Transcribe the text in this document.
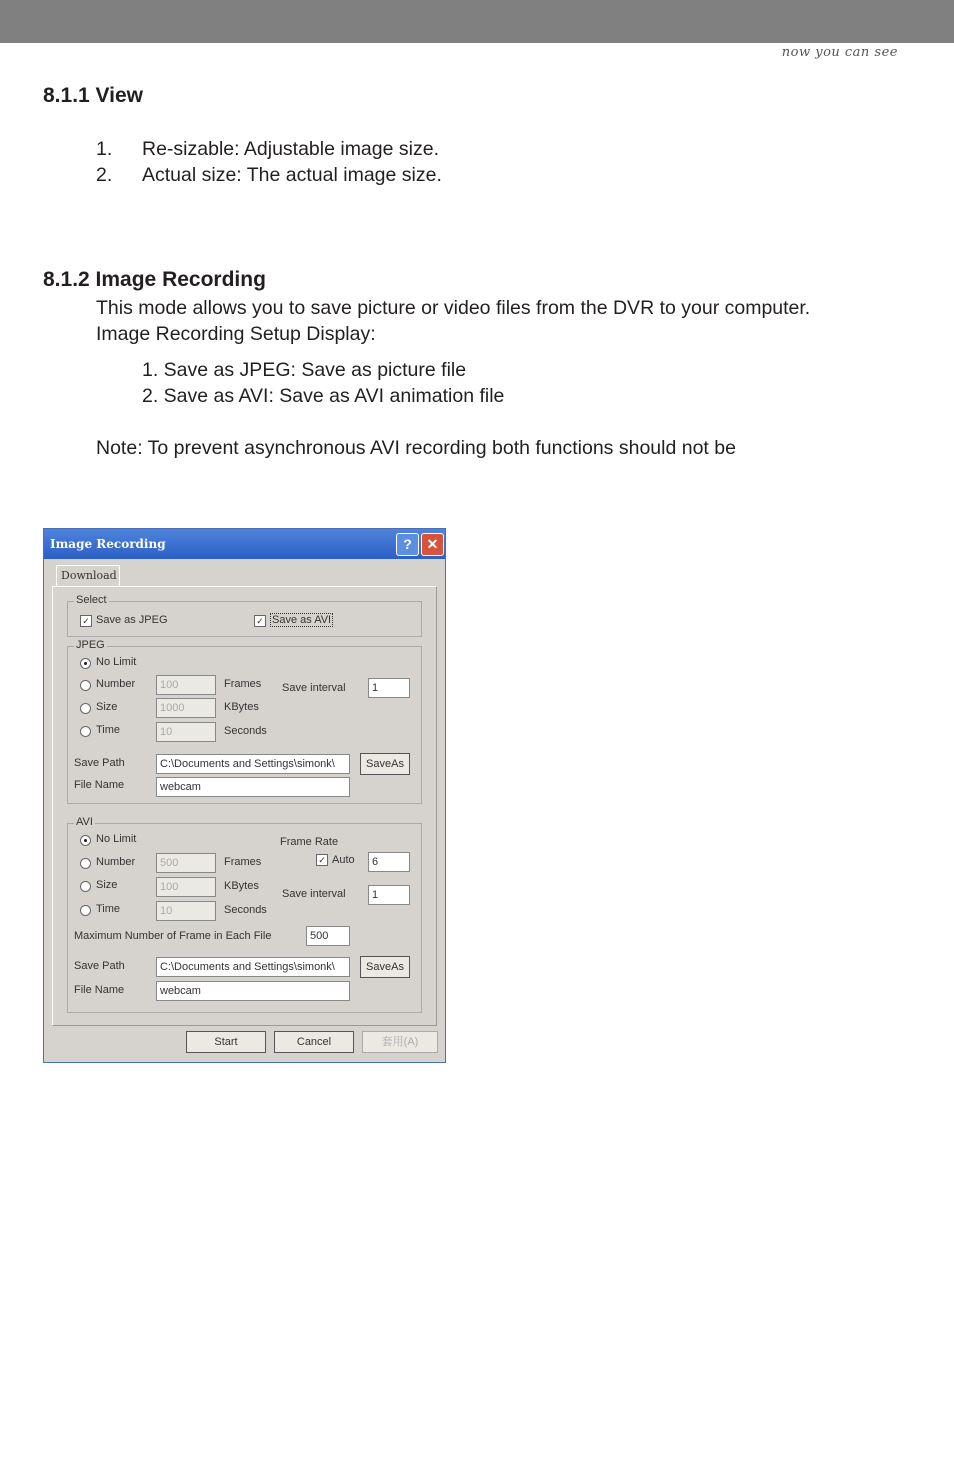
now you can see
8.1.1 View
1. Re-sizable: Adjustable image size.
2. Actual size: The actual image size.
8.1.2 Image Recording
This mode allows you to save picture or video files from the DVR to your computer.
Image Recording Setup Display:
1. Save as JPEG: Save as picture file
2. Save as AVI: Save as AVI animation file
Note: To prevent asynchronous AVI recording both functions should not be
Image Recording	?	✕
Download
Select
✓ Save as JPEG	✓ Save as AVI
JPEG
No Limit
Number	100	Frames Save interval	1
Size	1000	KBytes
Time	10	Seconds
Save Path	C:\Documents and Settings\simonk\	SaveAs
File Name	webcam
AVI
No Limit	Frame Rate
Number	500	Frames	✓ Auto	6
Size	100	KBytes
Save interval	1
Time	10	Seconds
Maximum Number of Frame in Each File	500
Save Path	C:\Documents and Settings\simonk\	SaveAs
File Name	webcam
Start	Cancel	套用(A)
